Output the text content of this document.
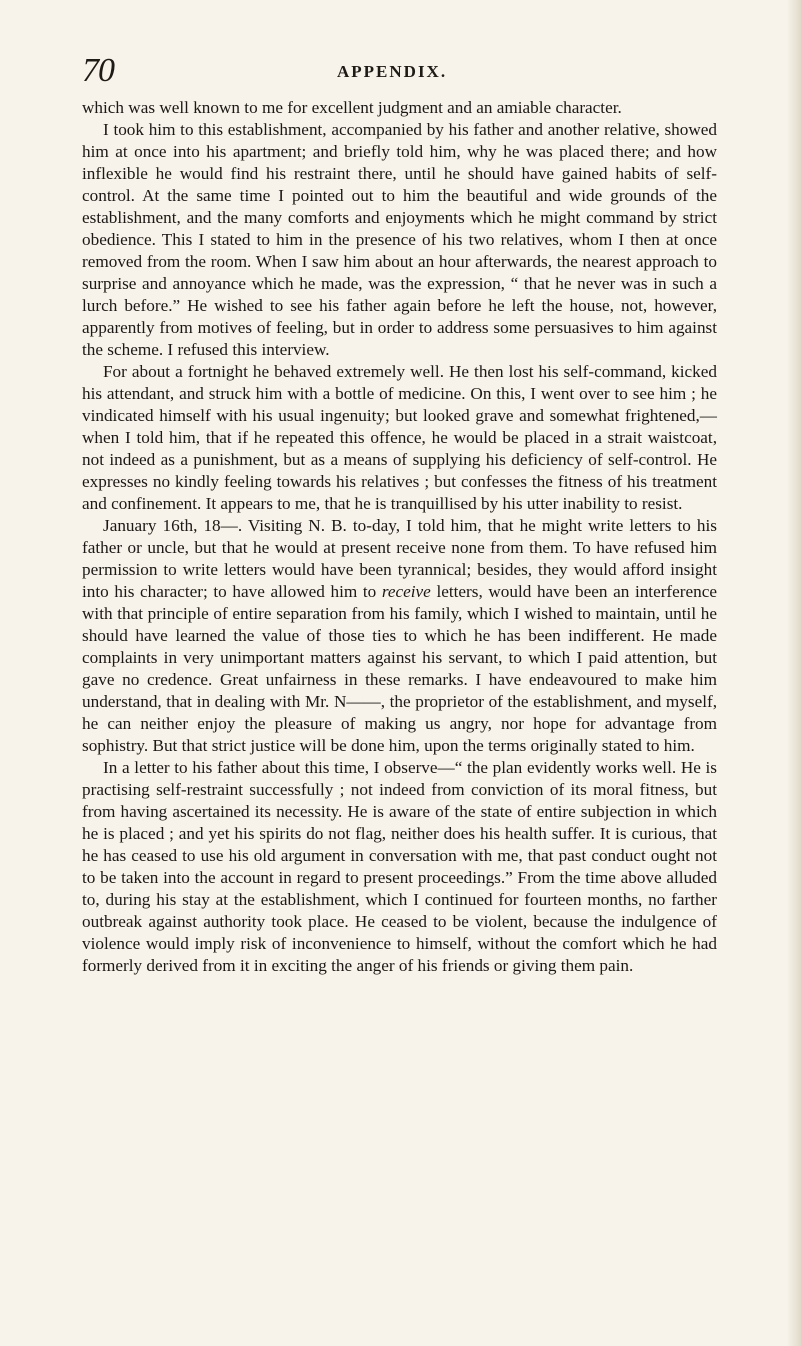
70	APPENDIX.

which was well known to me for excellent judgment and an amiable character.

I took him to this establishment, accompanied by his father and another relative, showed him at once into his apartment; and briefly told him, why he was placed there; and how inflexible he would find his restraint there, until he should have gained habits of self-control. At the same time I pointed out to him the beautiful and wide grounds of the establishment, and the many comforts and enjoyments which he might command by strict obedience. This I stated to him in the presence of his two relatives, whom I then at once removed from the room. When I saw him about an hour afterwards, the nearest approach to surprise and annoyance which he made, was the expression, “ that he never was in such a lurch before.” He wished to see his father again before he left the house, not, however, apparently from motives of feeling, but in order to address some persuasives to him against the scheme. I refused this interview.

For about a fortnight he behaved extremely well. He then lost his self-command, kicked his attendant, and struck him with a bottle of medicine. On this, I went over to see him ; he vindicated himself with his usual ingenuity; but looked grave and somewhat frightened,—when I told him, that if he repeated this offence, he would be placed in a strait waistcoat, not indeed as a punishment, but as a means of supplying his deficiency of self-control. He expresses no kindly feeling towards his relatives ; but confesses the fitness of his treatment and confinement. It appears to me, that he is tranquillised by his utter inability to resist.

January 16th, 18—. Visiting N. B. to-day, I told him, that he might write letters to his father or uncle, but that he would at present receive none from them. To have refused him permission to write letters would have been tyrannical; besides, they would afford insight into his character; to have allowed him to receive letters, would have been an interference with that principle of entire separation from his family, which I wished to maintain, until he should have learned the value of those ties to which he has been indifferent. He made complaints in very unimportant matters against his servant, to which I paid attention, but gave no credence. Great unfairness in these remarks. I have endeavoured to make him understand, that in dealing with Mr. N——, the proprietor of the establishment, and myself, he can neither enjoy the pleasure of making us angry, nor hope for advantage from sophistry. But that strict justice will be done him, upon the terms originally stated to him.

In a letter to his father about this time, I observe—“ the plan evidently works well. He is practising self-restraint successfully ; not indeed from conviction of its moral fitness, but from having ascertained its necessity. He is aware of the state of entire subjection in which he is placed ; and yet his spirits do not flag, neither does his health suffer. It is curious, that he has ceased to use his old argument in conversation with me, that past conduct ought not to be taken into the account in regard to present proceedings.” From the time above alluded to, during his stay at the establishment, which I continued for fourteen months, no farther outbreak against authority took place. He ceased to be violent, because the indulgence of violence would imply risk of inconvenience to himself, without the comfort which he had formerly derived from it in exciting the anger of his friends or giving them pain.
